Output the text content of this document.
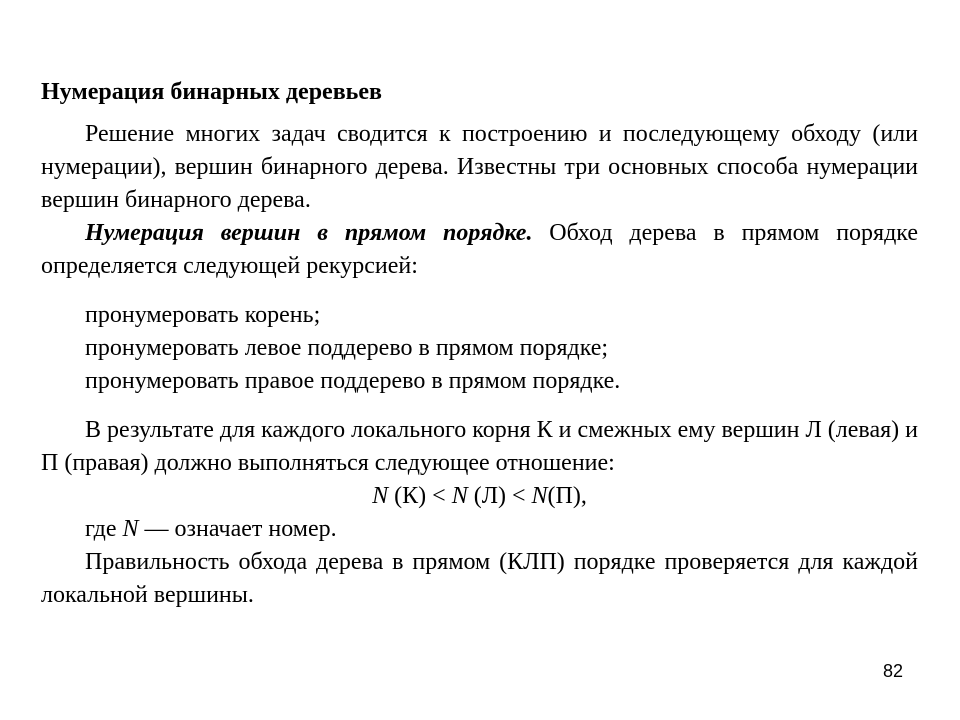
Нумерация бинарных деревьев

Решение многих задач сводится к построению и последующему обходу (или нумерации), вершин бинарного дерева. Известны три основных способа нумерации вершин бинарного дерева.

Нумерация вершин в прямом порядке. Обход дерева в прямом порядке определяется следующей рекурсией:

пронумеровать корень;
пронумеровать левое поддерево в прямом порядке;
пронумеровать правое поддерево в прямом порядке.

В результате для каждого локального корня К и смежных ему вершин Л (левая) и П (правая) должно выполняться следующее отношение:

N (К) < N (Л) < N(П),

где N — означает номер.

Правильность обхода дерева в прямом (КЛП) порядке проверяется для каждой локальной вершины.

82
